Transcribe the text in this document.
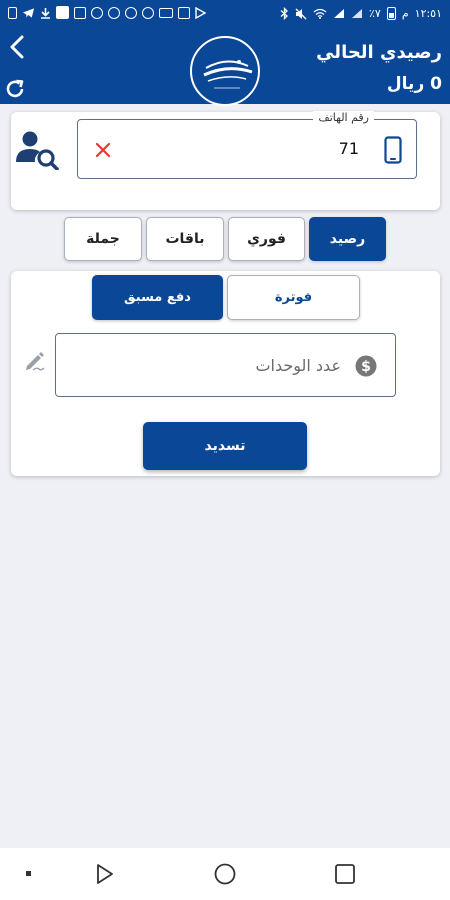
٪٧ م ١٢:٥١
رصيدي الحالي
0 ريال
رقم الهاتف
71
رصيد
فوري
باقات
جملة
فوترة
دفع مسبق
عدد الوحدات
$
تسديد
